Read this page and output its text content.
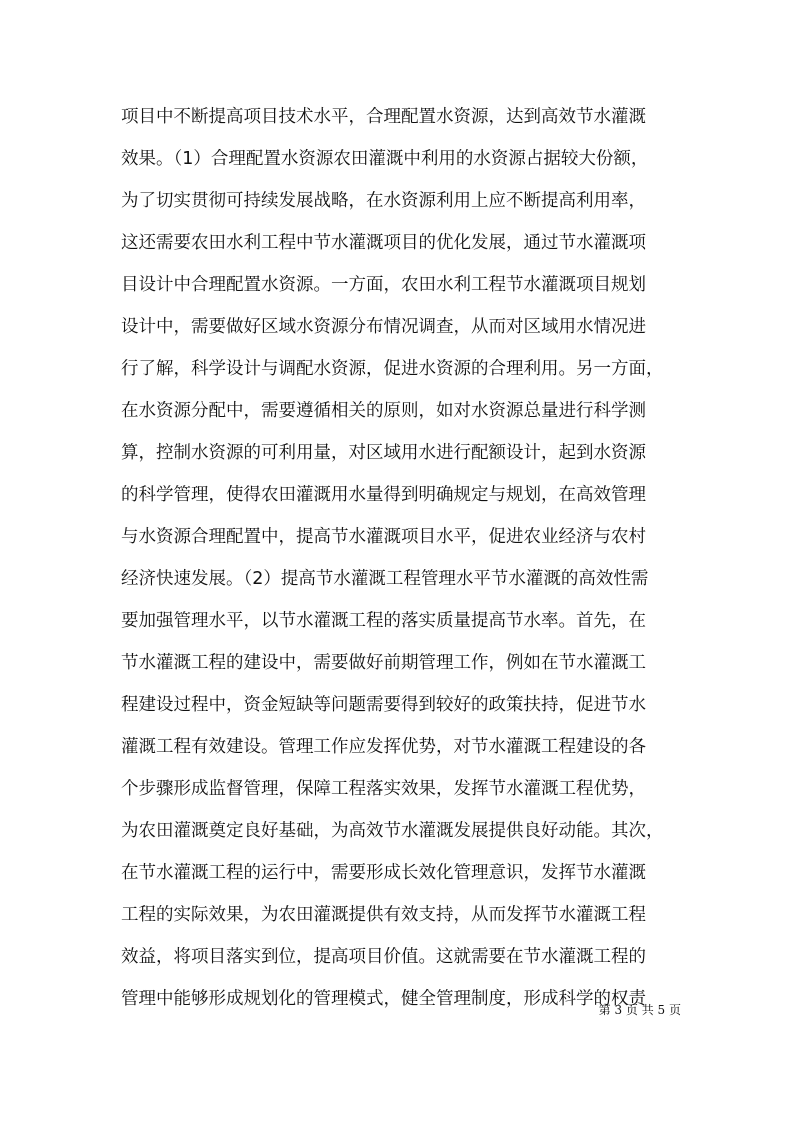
项目中不断提高项目技术水平，合理配置水资源，达到高效节水灌溉
效果。（1）合理配置水资源农田灌溉中利用的水资源占据较大份额，
为了切实贯彻可持续发展战略，在水资源利用上应不断提高利用率，
这还需要农田水利工程中节水灌溉项目的优化发展，通过节水灌溉项
目设计中合理配置水资源。一方面，农田水利工程节水灌溉项目规划
设计中，需要做好区域水资源分布情况调查，从而对区域用水情况进
行了解，科学设计与调配水资源，促进水资源的合理利用。另一方面，
在水资源分配中，需要遵循相关的原则，如对水资源总量进行科学测
算，控制水资源的可利用量，对区域用水进行配额设计，起到水资源
的科学管理，使得农田灌溉用水量得到明确规定与规划，在高效管理
与水资源合理配置中，提高节水灌溉项目水平，促进农业经济与农村
经济快速发展。（2）提高节水灌溉工程管理水平节水灌溉的高效性需
要加强管理水平，以节水灌溉工程的落实质量提高节水率。首先，在
节水灌溉工程的建设中，需要做好前期管理工作，例如在节水灌溉工
程建设过程中，资金短缺等问题需要得到较好的政策扶持，促进节水
灌溉工程有效建设。管理工作应发挥优势，对节水灌溉工程建设的各
个步骤形成监督管理，保障工程落实效果，发挥节水灌溉工程优势，
为农田灌溉奠定良好基础，为高效节水灌溉发展提供良好动能。其次，
在节水灌溉工程的运行中，需要形成长效化管理意识，发挥节水灌溉
工程的实际效果，为农田灌溉提供有效支持，从而发挥节水灌溉工程
效益，将项目落实到位，提高项目价值。这就需要在节水灌溉工程的
第 3 页 共 5 页
管理中能够形成规划化的管理模式，健全管理制度，形成科学的权责
